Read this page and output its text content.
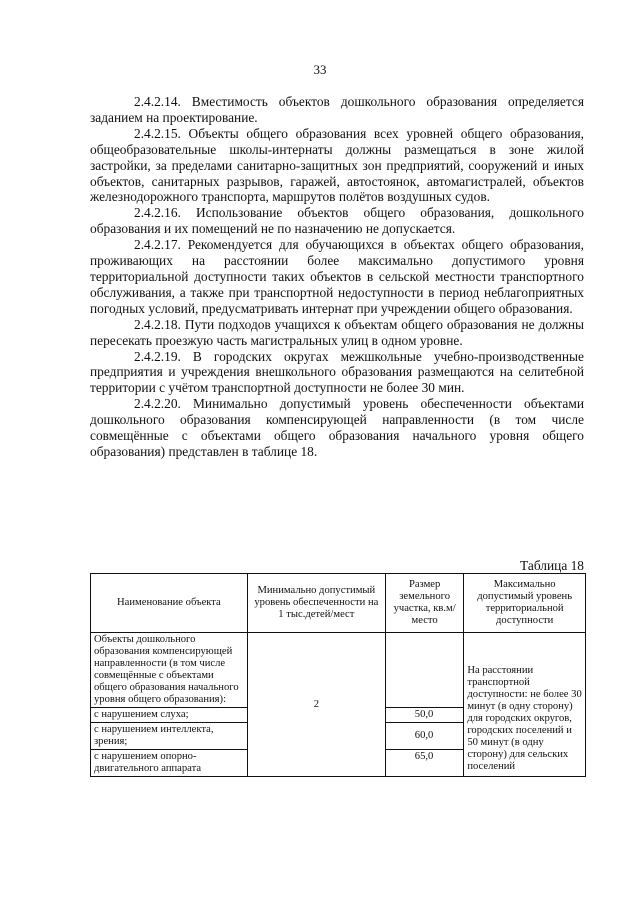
33

2.4.2.14. Вместимость объектов дошкольного образования определяется заданием на проектирование.

2.4.2.15. Объекты общего образования всех уровней общего образования, общеобразовательные школы-интернаты должны размещаться в зоне жилой застройки, за пределами санитарно-защитных зон предприятий, сооружений и иных объектов, санитарных разрывов, гаражей, автостоянок, автомагистралей, объектов железнодорожного транспорта, маршрутов полётов воздушных судов.

2.4.2.16. Использование объектов общего образования, дошкольного образования и их помещений не по назначению не допускается.

2.4.2.17. Рекомендуется для обучающихся в объектах общего образования, проживающих на расстоянии более максимально допустимого уровня территориальной доступности таких объектов в сельской местности транспортного обслуживания, а также при транспортной недоступности в период неблагоприятных погодных условий, предусматривать интернат при учреждении общего образования.

2.4.2.18. Пути подходов учащихся к объектам общего образования не должны пересекать проезжую часть магистральных улиц в одном уровне.

2.4.2.19. В городских округах межшкольные учебно-производственные предприятия и учреждения внешкольного образования размещаются на селитебной территории с учётом транспортной доступности не более 30 мин.

2.4.2.20. Минимально допустимый уровень обеспеченности объектами дошкольного образования компенсирующей направленности (в том числе совмещённые с объектами общего образования начального уровня общего образования) представлен в таблице 18.

Таблица 18
Наименование объекта	Минимально допустимый уровень обеспеченности на 1 тыс.детей/мест	Размер земельного участка, кв.м/место	Максимально допустимый уровень территориальной доступности
Объекты дошкольного образования компенсирующей направленности (в том числе совмещённые с объектами общего образования начального уровня общего образования):	2		На расстоянии транспортной доступности: не более 30 минут (в одну сторону) для городских округов, городских поселений и 50 минут (в одну сторону) для сельских поселений
с нарушением слуха;		50,0	
с нарушением интеллекта, зрения;		60,0	
с нарушением опорно-двигательного аппарата		65,0	
